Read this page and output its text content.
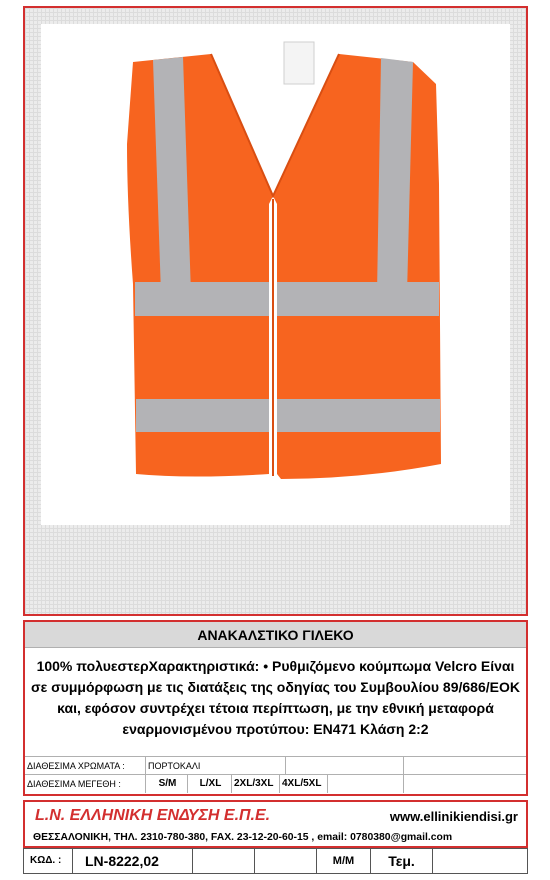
ΑΝΑΚΑΛΣΤΙΚΟ ΓΙΛΕΚΟ
100% πολυεστερΧαρακτηριστικά: • Ρυθμιζόμενο κούμπωμα Velcro Είναι σε συμμόρφωση με τις διατάξεις της οδηγίας του Συμβουλίου 89/686/ΕΟΚ και, εφόσον συντρέχει τέτοια περίπτωση, με την εθνική μεταφορά εναρμονισμένου προτύπου: EN471 Κλάση 2:2
ΔΙΑΘΕΣΙΜΑ ΧΡΩΜΑΤΑ :	ΠΟΡΤΟΚΑΛΙ
ΔΙΑΘΕΣΙΜΑ ΜΕΓΕΘΗ :	S/M	L/XL	2XL/3XL 4XL/5XL
L.N. ΕΛΛΗΝΙΚΗ ΕΝΔΥΣΗ Ε.Π.Ε.	www.ellinikiendisi.gr
ΘΕΣΣΑΛΟΝΙΚΗ, ΤΗΛ. 2310-780-380, FAX. 23-12-20-60-15 , email: 0780380@gmail.com
ΚΩΔ. :	LN-8222,02	Μ/Μ	Τεμ.
